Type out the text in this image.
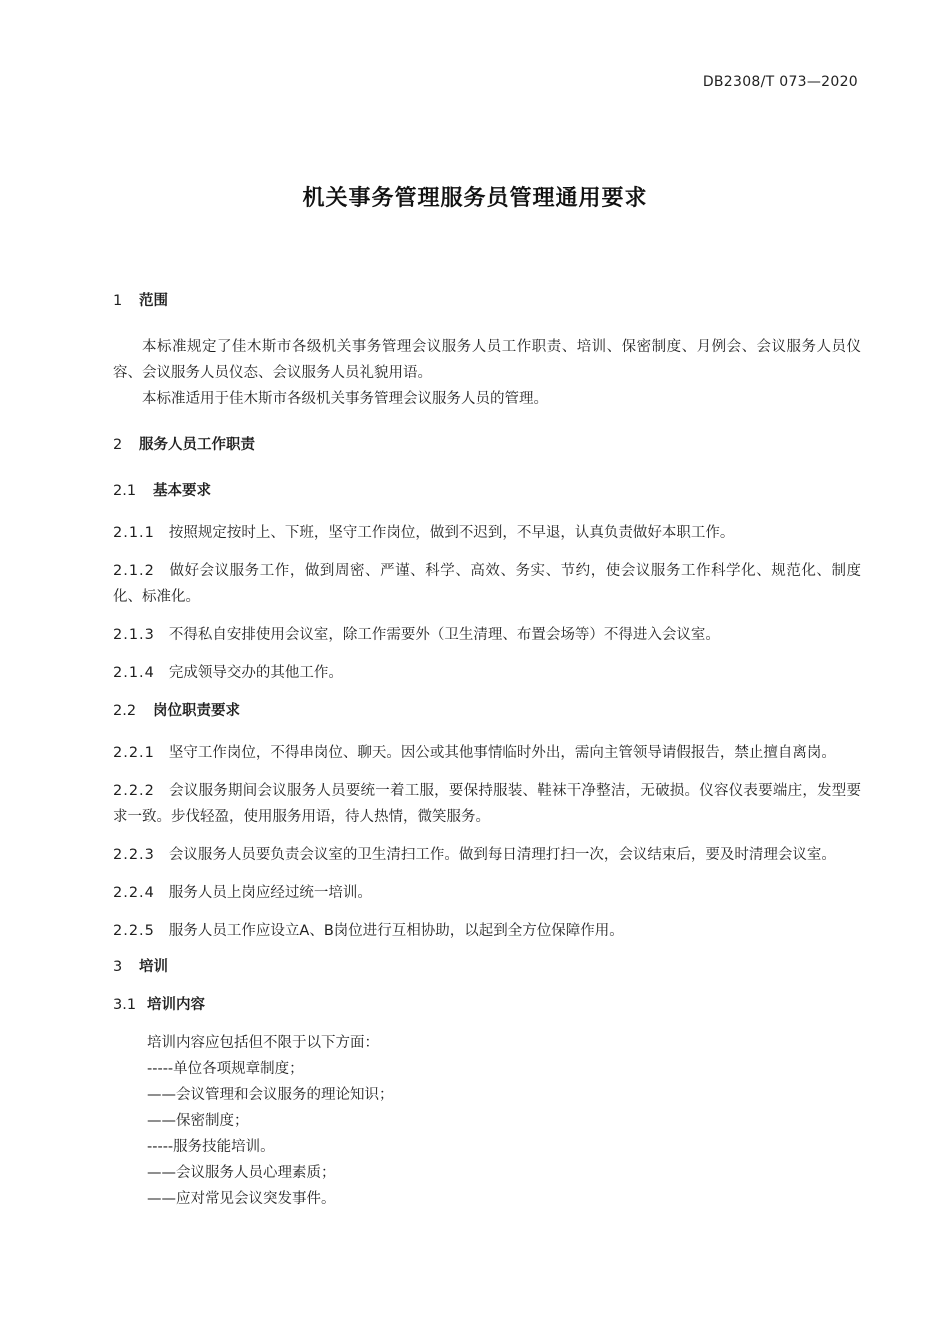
DB2308/T 073—2020
机关事务管理服务员管理通用要求
1 范围

本标准规定了佳木斯市各级机关事务管理会议服务人员工作职责、培训、保密制度、月例会、会议服务人员仪容、会议服务人员仪态、会议服务人员礼貌用语。

本标准适用于佳木斯市各级机关事务管理会议服务人员的管理。

2 服务人员工作职责
2.1 基本要求
2.1.1 按照规定按时上、下班，坚守工作岗位，做到不迟到，不早退，认真负责做好本职工作。
2.1.2 做好会议服务工作，做到周密、严谨、科学、高效、务实、节约，使会议服务工作科学化、规范化、制度化、标准化。
2.1.3 不得私自安排使用会议室，除工作需要外（卫生清理、布置会场等）不得进入会议室。
2.1.4 完成领导交办的其他工作。
2.2 岗位职责要求
2.2.1 坚守工作岗位，不得串岗位、聊天。因公或其他事情临时外出，需向主管领导请假报告，禁止擅自离岗。
2.2.2 会议服务期间会议服务人员要统一着工服，要保持服装、鞋袜干净整洁，无破损。仪容仪表要端庄，发型要求一致。步伐轻盈，使用服务用语，待人热情，微笑服务。
2.2.3 会议服务人员要负责会议室的卫生清扫工作。做到每日清理打扫一次，会议结束后，要及时清理会议室。
2.2.4 服务人员上岗应经过统一培训。
2.2.5 服务人员工作应设立A、B岗位进行互相协助，以起到全方位保障作用。
3 培训
3.1 培训内容
培训内容应包括但不限于以下方面：
-----单位各项规章制度；
——会议管理和会议服务的理论知识；
——保密制度；
-----服务技能培训。
——会议服务人员心理素质；
——应对常见会议突发事件。
